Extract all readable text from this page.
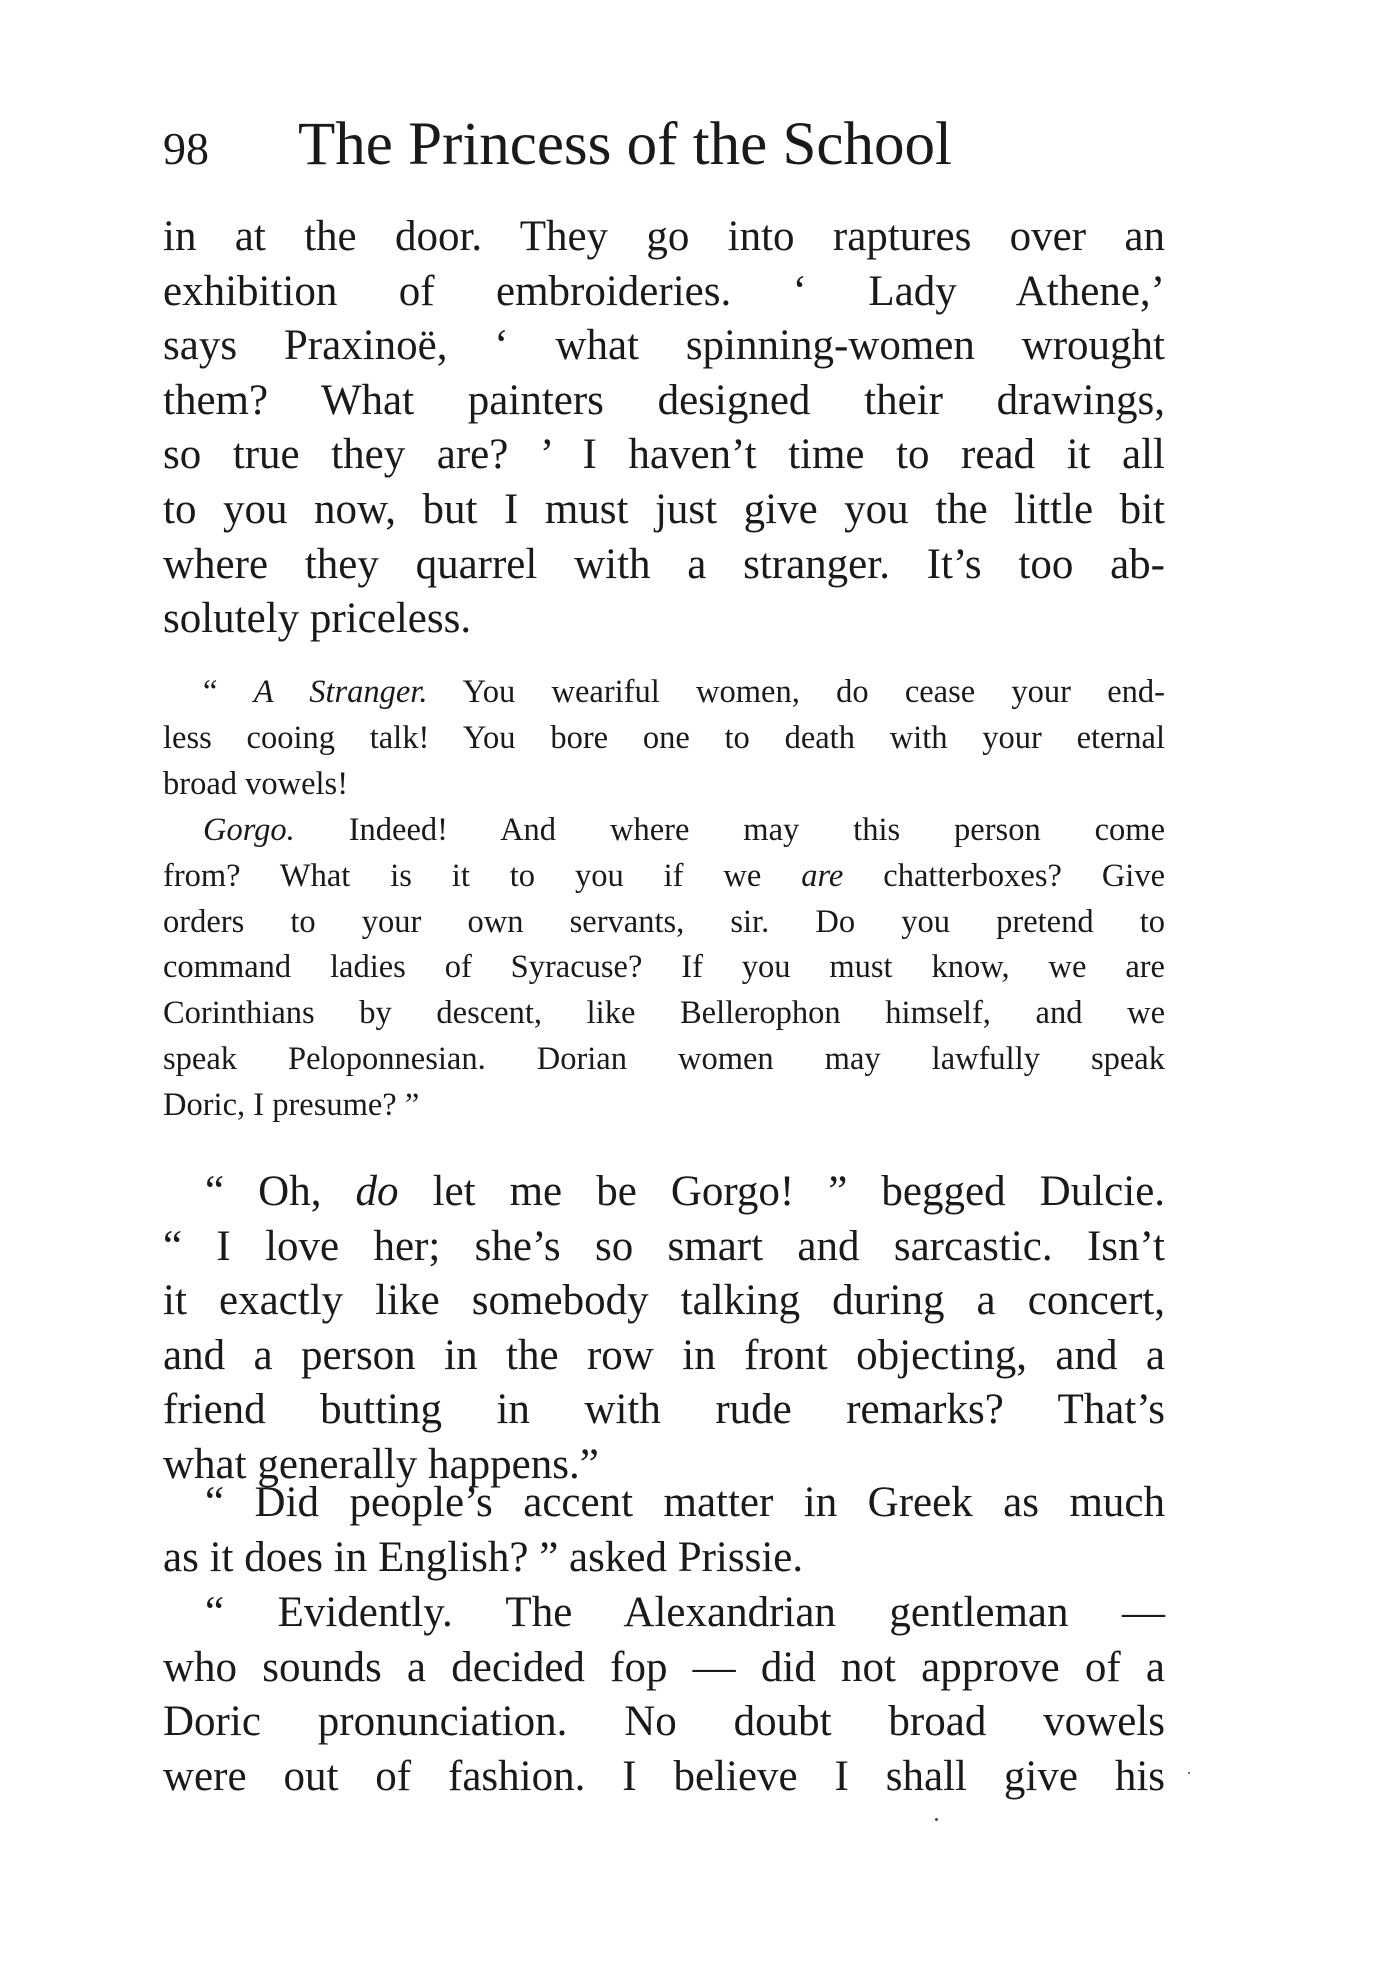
98 The Princess of the School
in at the door. They go into raptures over an
exhibition of embroideries. ‘ Lady Athene,’
says Praxinoë, ‘ what spinning-women wrought
them? What painters designed their drawings,
so true they are? ’ I haven’t time to read it all
to you now, but I must just give you the little bit
where they quarrel with a stranger. It’s too ab-
solutely priceless.
“ A Stranger. You weariful women, do cease your end-
less cooing talk! You bore one to death with your eternal
broad vowels!
Gorgo. Indeed! And where may this person come
from? What is it to you if we are chatterboxes? Give
orders to your own servants, sir. Do you pretend to
command ladies of Syracuse? If you must know, we are
Corinthians by descent, like Bellerophon himself, and we
speak Peloponnesian. Dorian women may lawfully speak
Doric, I presume? ”
“ Oh, do let me be Gorgo! ” begged Dulcie.
“ I love her; she’s so smart and sarcastic. Isn’t
it exactly like somebody talking during a concert,
and a person in the row in front objecting, and a
friend butting in with rude remarks? That’s
what generally happens.”
“ Did people’s accent matter in Greek as much
as it does in English? ” asked Prissie.
“ Evidently. The Alexandrian gentleman —
who sounds a decided fop — did not approve of a
Doric pronunciation. No doubt broad vowels
were out of fashion. I believe I shall give his
